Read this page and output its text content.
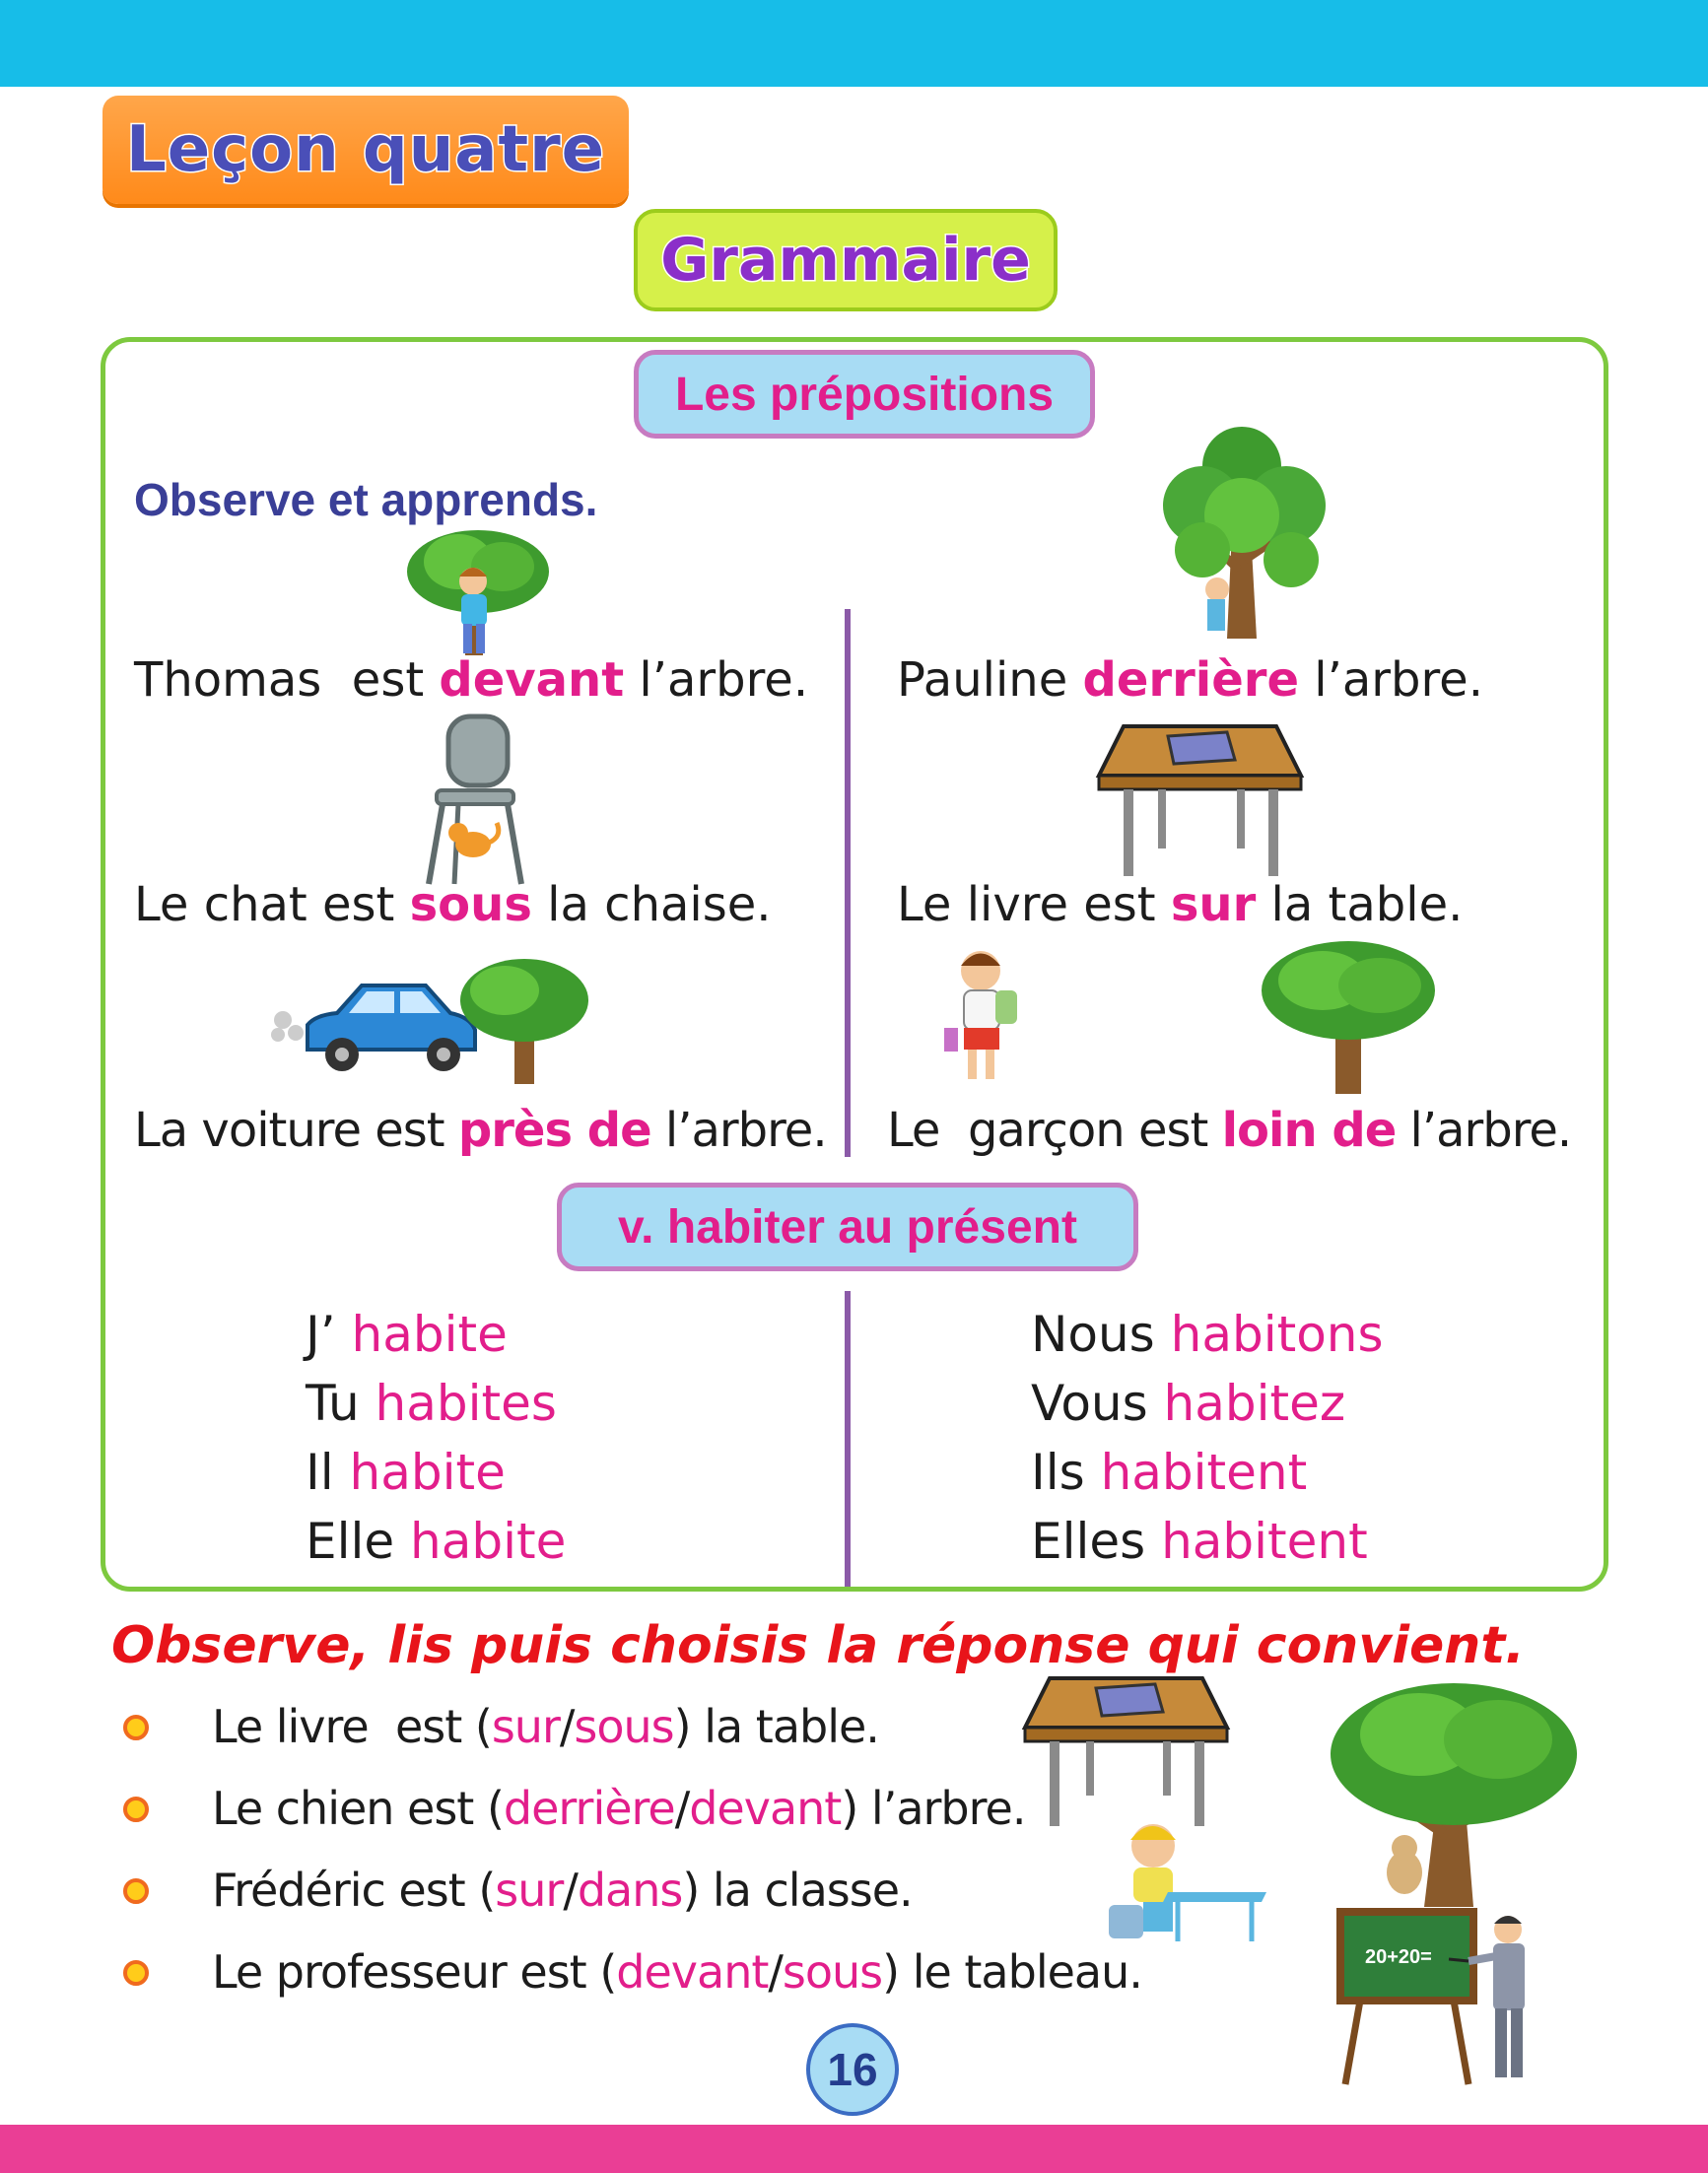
Leçon quatre
Grammaire
Les prépositions
Observe et apprends.
Thomas  est devant l’arbre. Pauline derrière l’arbre.
Le chat est sous la chaise.	Le livre est sur la table.
La voiture est près de l’arbre. Le  garçon est loin de l’arbre.
v. habiter au présent
J’ habite
Tu habites
Il habite
Elle habite
Nous habitons
Vous habitez
Ils habitent
Elles habitent
Observe, lis puis choisis la réponse qui convient.
Le livre  est (sur/sous) la table.
Le chien est (derrière/devant) l’arbre.
Frédéric est (sur/dans) la classe.
Le professeur est (devant/sous) le tableau.	20+20=
16
